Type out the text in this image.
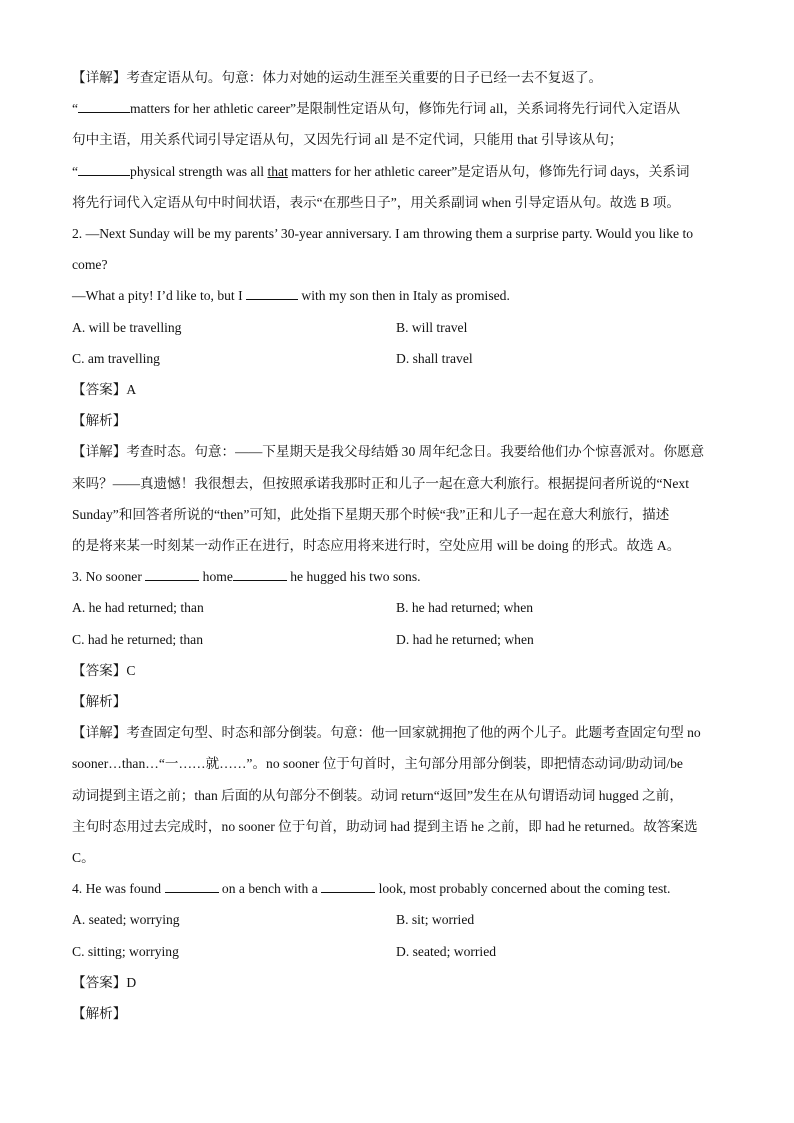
【详解】考查定语从句。句意：体力对她的运动生涯至关重要的日子已经一去不复返了。
“	matters for her athletic career”是限制性定语从句，修饰先行词 all，关系词将先行词代入定语从
句中主语，用关系代词引导定语从句，又因先行词 all 是不定代词，只能用 that 引导该从句；
“	physical strength was all that matters for her athletic career”是定语从句，修饰先行词 days，关系词
将先行词代入定语从句中时间状语，表示“在那些日子”，用关系副词 when 引导定语从句。故选 B 项。
2. —Next Sunday will be my parents’ 30-year anniversary. I am throwing them a surprise party. Would you like to
come?
—What a pity! I’d like to, but I	with my son then in Italy as promised.
A. will be travelling	B. will travel
C. am travelling	D. shall travel
【答案】A
【解析】
【详解】考查时态。句意：——下星期天是我父母结婚 30 周年纪念日。我要给他们办个惊喜派对。你愿意
来吗？——真遗憾！我很想去，但按照承诺我那时正和儿子一起在意大利旅行。根据提问者所说的“Next
Sunday”和回答者所说的“then”可知，此处指下星期天那个时候“我”正和儿子一起在意大利旅行，描述
的是将来某一时刻某一动作正在进行，时态应用将来进行时，空处应用 will be doing 的形式。故选 A。
3. No sooner	home	he hugged his two sons.
A. he had returned; than	B. he had returned; when
C. had he returned; than	D. had he returned; when
【答案】C
【解析】
【详解】考查固定句型、时态和部分倒装。句意：他一回家就拥抱了他的两个儿子。此题考查固定句型 no
sooner…than…“一……就……”。no sooner 位于句首时，主句部分用部分倒装，即把情态动词/助动词/be
动词提到主语之前；than 后面的从句部分不倒装。动词 return“返回”发生在从句谓语动词 hugged 之前，
主句时态用过去完成时，no sooner 位于句首，助动词 had 提到主语 he 之前，即 had he returned。故答案选
C。
4. He was found	on a bench with a	look, most probably concerned about the coming test.
A. seated; worrying	B. sit; worried
C. sitting; worrying	D. seated; worried
【答案】D
【解析】
